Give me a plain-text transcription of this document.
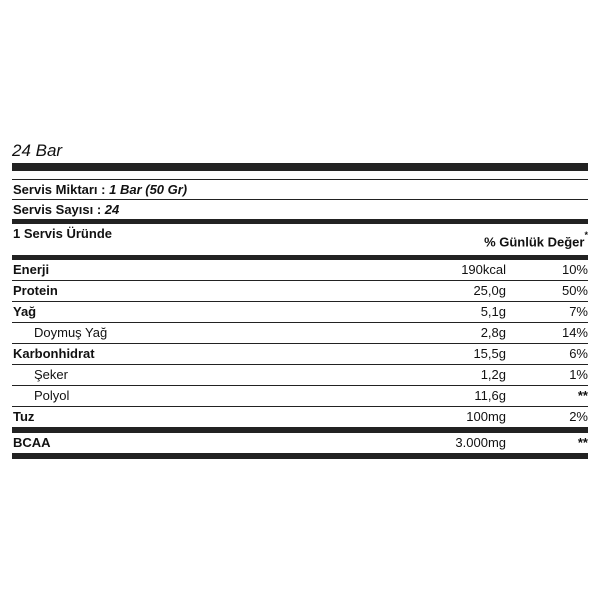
24 Bar
Servis Miktarı : 1 Bar (50 Gr)
Servis Sayısı : 24
1 Servis Üründe
% Günlük Değer*
Enerji	190kcal	10%
Protein	25,0g	50%
Yağ	5,1g	7%
Doymuş Yağ	2,8g	14%
Karbonhidrat	15,5g	6%
Şeker	1,2g	1%
Polyol	11,6g	**
Tuz	100mg	2%
BCAA	3.000mg	**
